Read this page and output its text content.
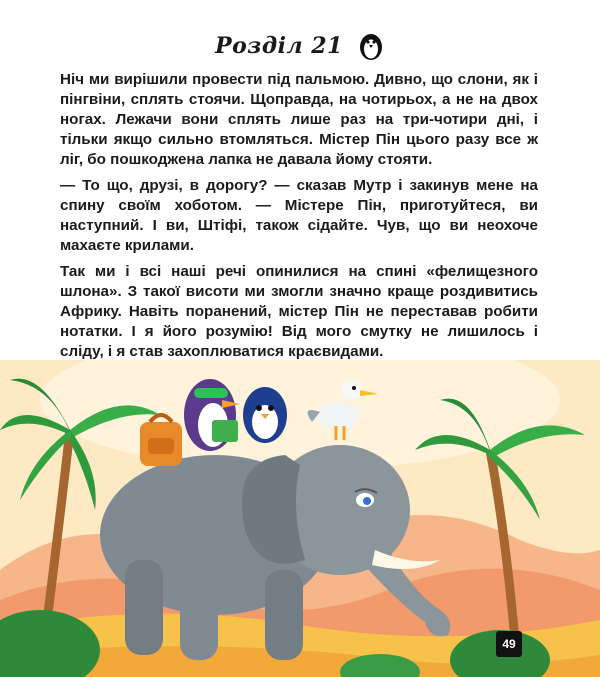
Розділ 21

Ніч ми вирішили провести під пальмою. Дивно, що слони, як і пінгвіни, сплять стоячи. Щоправда, на чотирьох, а не на двох ногах. Лежачи вони сплять лише раз на три-чотири дні, і тільки якщо сильно втомляться. Містер Пін цього разу все ж ліг, бо пошкоджена лапка не давала йому стояти.

— То що, друзі, в дорогу? — сказав Мутр і закинув мене на спину своїм хоботом. — Містере Пін, приготуйтеся, ви наступний. І ви, Штіфі, також сідайте. Чув, що ви неохоче махаєте крилами.

Так ми і всі наші речі опинилися на спині «фелищезного шлона». З такої висоти ми змогли значно краще роздивитись Африку. Навіть поранений, містер Пін не переставав робити нотатки. І я його розумію! Від мого смутку не лишилось і сліду, і я став захоплюватися краєвидами.

49
